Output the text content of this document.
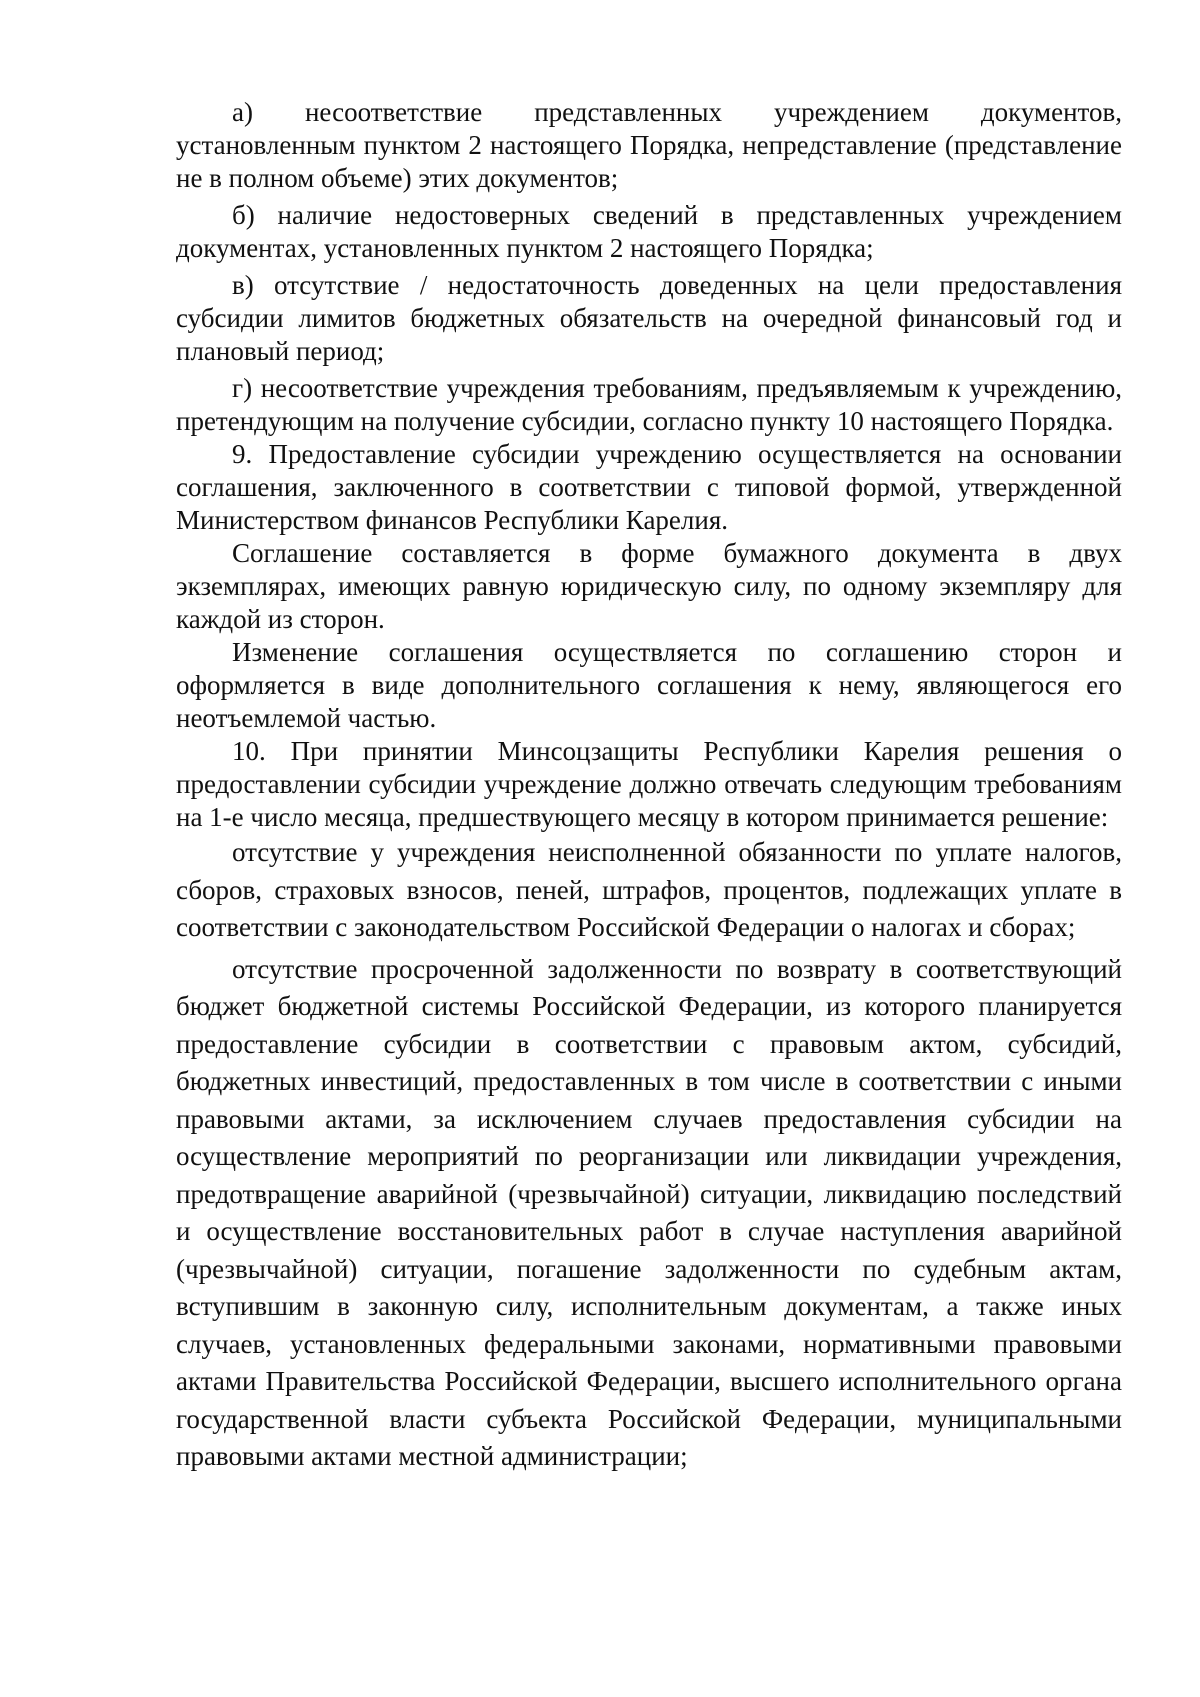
а) несоответствие представленных учреждением документов, установленным пунктом 2 настоящего Порядка, непредставление (представление не в полном объеме) этих документов;

б) наличие недостоверных сведений в представленных учреждением документах, установленных пунктом 2 настоящего Порядка;

в) отсутствие / недостаточность доведенных на цели предоставления субсидии лимитов бюджетных обязательств на очередной финансовый год и плановый период;

г) несоответствие учреждения требованиям, предъявляемым к учреждению, претендующим на получение субсидии, согласно пункту 10 настоящего Порядка.

9. Предоставление субсидии учреждению осуществляется на основании соглашения, заключенного в соответствии с типовой формой, утвержденной Министерством финансов Республики Карелия.

Соглашение составляется в форме бумажного документа в двух экземплярах, имеющих равную юридическую силу, по одному экземпляру для каждой из сторон.

Изменение соглашения осуществляется по соглашению сторон и оформляется в виде дополнительного соглашения к нему, являющегося его неотъемлемой частью.

10. При принятии Минсоцзащиты Республики Карелия решения о предоставлении субсидии учреждение должно отвечать следующим требованиям на 1-е число месяца, предшествующего месяцу в котором принимается решение:

отсутствие у учреждения неисполненной обязанности по уплате налогов, сборов, страховых взносов, пеней, штрафов, процентов, подлежащих уплате в соответствии с законодательством Российской Федерации о налогах и сборах;

отсутствие просроченной задолженности по возврату в соответствующий бюджет бюджетной системы Российской Федерации, из которого планируется предоставление субсидии в соответствии с правовым актом, субсидий, бюджетных инвестиций, предоставленных в том числе в соответствии с иными правовыми актами, за исключением случаев предоставления субсидии на осуществление мероприятий по реорганизации или ликвидации учреждения, предотвращение аварийной (чрезвычайной) ситуации, ликвидацию последствий и осуществление восстановительных работ в случае наступления аварийной (чрезвычайной) ситуации, погашение задолженности по судебным актам, вступившим в законную силу, исполнительным документам, а также иных случаев, установленных федеральными законами, нормативными правовыми актами Правительства Российской Федерации, высшего исполнительного органа государственной власти субъекта Российской Федерации, муниципальными правовыми актами местной администрации;
